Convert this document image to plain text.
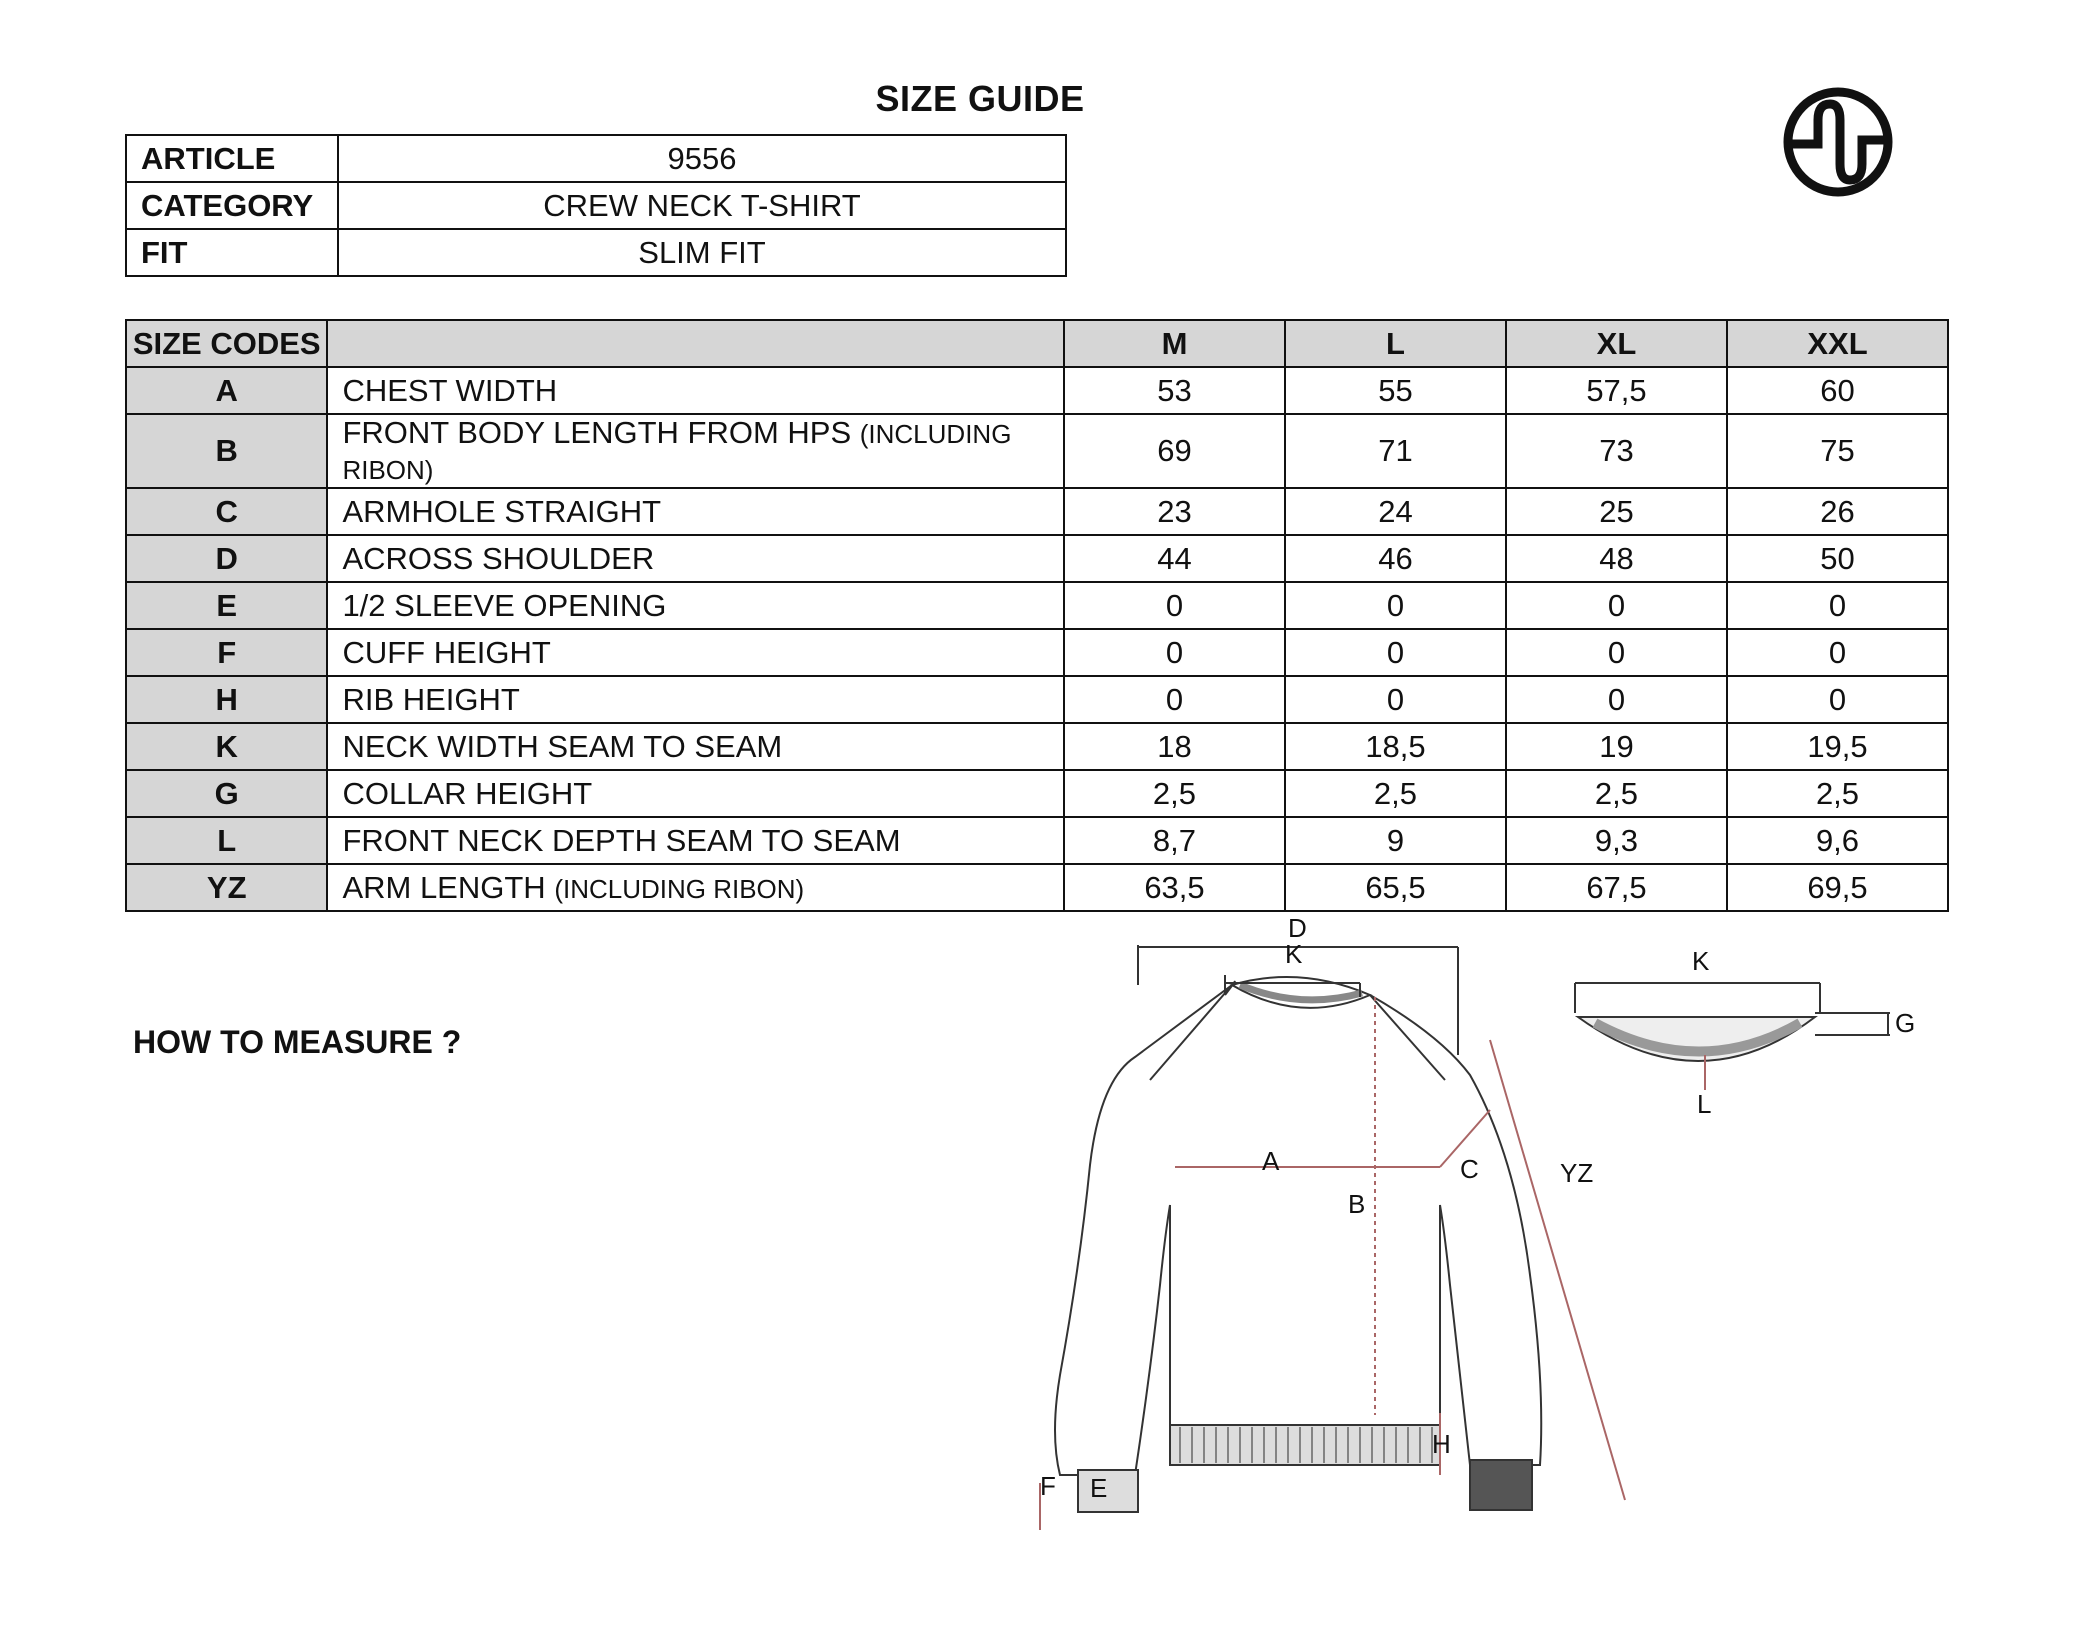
SIZE GUIDE
ARTICLE	9556
CATEGORY	CREW NECK T-SHIRT
FIT	SLIM FIT
SIZE CODES		M	L	XL	XXL
A	CHEST WIDTH	53	55	57,5	60
B	FRONT BODY LENGTH FROM HPS (INCLUDING RIBON)	69	71	73	75
C	ARMHOLE STRAIGHT	23	24	25	26
D	ACROSS SHOULDER	44	46	48	50
E	1/2 SLEEVE OPENING	0	0	0	0
F	CUFF HEIGHT	0	0	0	0
H	RIB HEIGHT	0	0	0	0
K	NECK WIDTH SEAM TO SEAM	18	18,5	19	19,5
G	COLLAR HEIGHT	2,5	2,5	2,5	2,5
L	FRONT NECK DEPTH SEAM TO SEAM	8,7	9	9,3	9,6
YZ	ARM LENGTH (INCLUDING RIBON)	63,5	65,5	67,5	69,5
HOW TO MEASURE ?
D
K
A
B
C	YZ
H
F E
K
G
L
